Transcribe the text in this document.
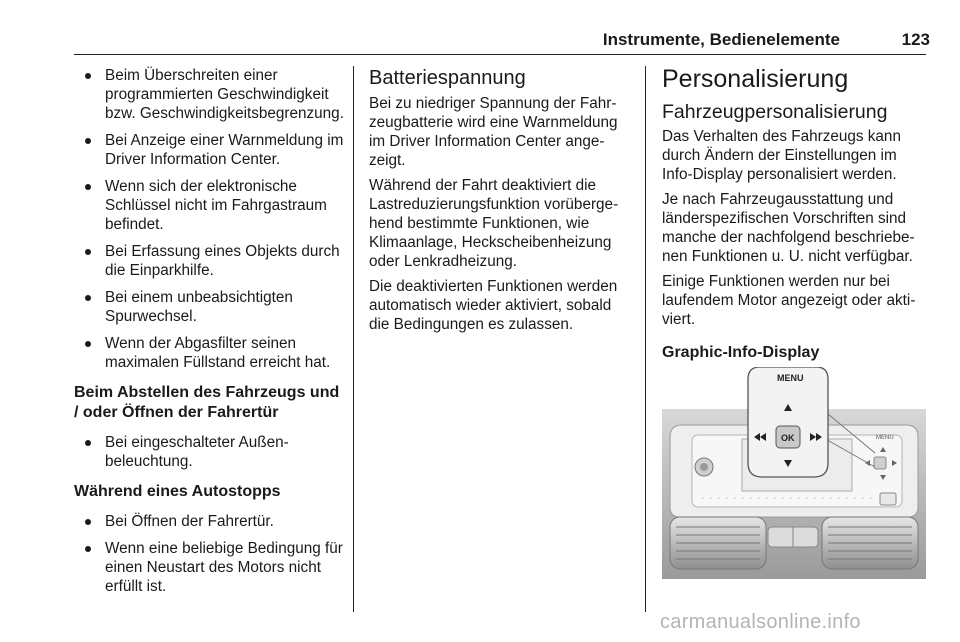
Instrumente, Bedienelemente	123
Beim Überschreiten einer programmierten Geschwindigkeit bzw. Geschwindigkeitsbegrenzung.
Bei Anzeige einer Warnmeldung im Driver Information Center.
Wenn sich der elektronische Schlüssel nicht im Fahrgastraum befindet.
Bei Erfassung eines Objekts durch die Einparkhilfe.
Bei einem unbeabsichtigten Spurwechsel.
Wenn der Abgasfilter seinen maximalen Füllstand erreicht hat.
Beim Abstellen des Fahrzeugs und / oder Öffnen der Fahrertür
Bei eingeschalteter Außenbeleuchtung.
Während eines Autostopps
Bei Öffnen der Fahrertür.
Wenn eine beliebige Bedingung für einen Neustart des Motors nicht erfüllt ist.
Batteriespannung

Bei zu niedriger Spannung der Fahrzeugbatterie wird eine Warnmeldung im Driver Information Center angezeigt.

Während der Fahrt deaktiviert die Lastreduzierungsfunktion vorübergehend bestimmte Funktionen, wie Klimaanlage, Heckscheibenheizung oder Lenkradheizung.

Die deaktivierten Funktionen werden automatisch wieder aktiviert, sobald die Bedingungen es zulassen.

Personalisierung
Fahrzeugpersonalisierung

Das Verhalten des Fahrzeugs kann durch Ändern der Einstellungen im Info-Display personalisiert werden.

Je nach Fahrzeugausstattung und länderspezifischen Vorschriften sind manche der nachfolgend beschriebenen Funktionen u. U. nicht verfügbar.

Einige Funktionen werden nur bei laufendem Motor angezeigt oder aktiviert.

Graphic-Info-Display
MENU
MENU
OK
carmanualsonline.info
